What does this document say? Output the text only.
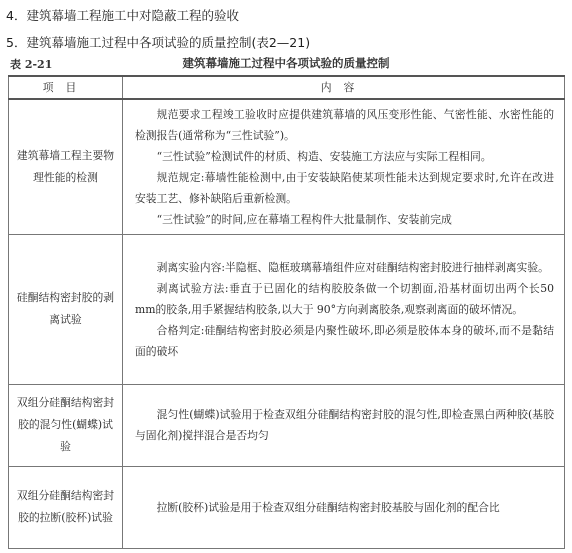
4．建筑幕墙工程施工中对隐蔽工程的验收
5．建筑幕墙施工过程中各项试验的质量控制(表2—21)
表 2-21	建筑幕墙施工过程中各项试验的质量控制
项目	内容
建筑幕墙工程主要物理性能的检测	规范要求工程竣工验收时应提供建筑幕墙的风压变形性能、气密性能、水密性能的检测报告(通常称为“三性试验”)。

“三性试验”检测试件的材质、构造、安装施工方法应与实际工程相同。

规范规定:幕墙性能检测中,由于安装缺陷使某项性能未达到规定要求时,允许在改进安装工艺、修补缺陷后重新检测。

“三性试验”的时间,应在幕墙工程构件大批量制作、安装前完成

硅酮结构密封胶的剥离试验	剥离实验内容:半隐框、隐框玻璃幕墙组件应对硅酮结构密封胶进行抽样剥离实验。

剥离试验方法:垂直于已固化的结构胶胶条做一个切割面,沿基材面切出两个长50 mm的胶条,用手紧握结构胶条,以大于 90°方向剥离胶条,观察剥离面的破坏情况。

合格判定:硅酮结构密封胶必须是内聚性破坏,即必须是胶体本身的破坏,而不是黏结面的破坏

双组分硅酮结构密封胶的混匀性(蝴蝶)试验	混匀性(蝴蝶)试验用于检查双组分硅酮结构密封胶的混匀性,即检查黑白两种胶(基胶与固化剂)搅拌混合是否均匀

双组分硅酮结构密封胶的拉断(胶杯)试验	拉断(胶杯)试验是用于检查双组分硅酮结构密封胶基胶与固化剂的配合比
